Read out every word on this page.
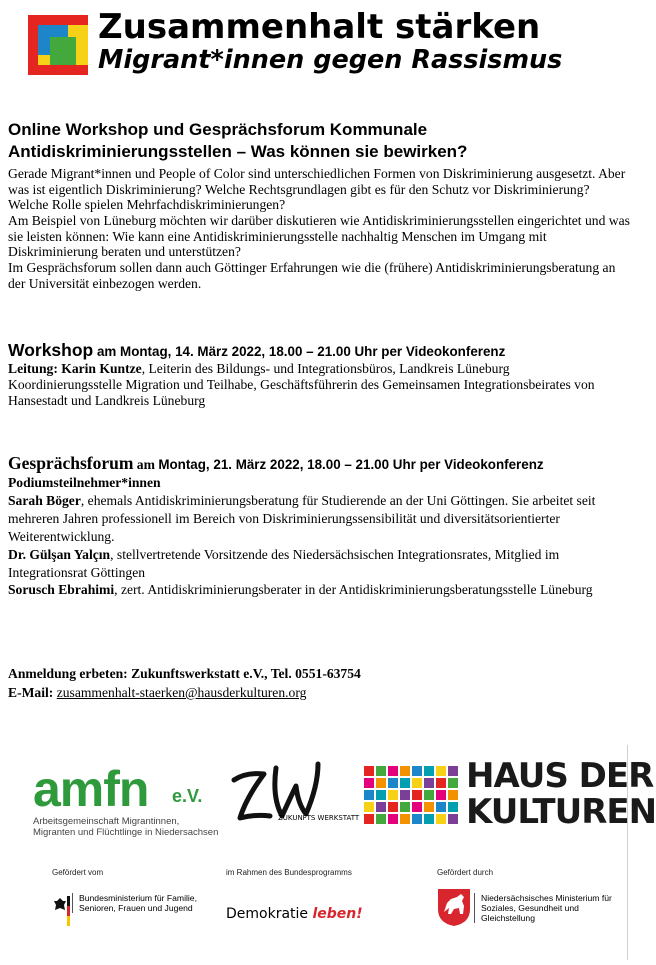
Zusammenhalt stärken
Migrant*innen gegen Rassismus
Online Workshop und Gesprächsforum Kommunale Antidiskriminierungsstellen – Was können sie bewirken?

Gerade Migrant*innen und People of Color sind unterschiedlichen Formen von Diskriminierung ausgesetzt. Aber was ist eigentlich Diskriminierung? Welche Rechtsgrundlagen gibt es für den Schutz vor Diskriminierung? Welche Rolle spielen Mehrfachdiskriminierungen?

Am Beispiel von Lüneburg möchten wir darüber diskutieren wie Antidiskriminierungsstellen eingerichtet und was sie leisten können: Wie kann eine Antidiskriminierungsstelle nachhaltig Menschen im Umgang mit Diskriminierung beraten und unterstützen?

Im Gesprächsforum sollen dann auch Göttinger Erfahrungen wie die (frühere) Antidiskriminierungsberatung an der Universität einbezogen werden.

Workshop am Montag, 14. März 2022, 18.00 – 21.00 Uhr per Videokonferenz
Leitung: Karin Kuntze, Leiterin des Bildungs- und Integrationsbüros, Landkreis Lüneburg Koordinierungsstelle Migration und Teilhabe, Geschäftsführerin des Gemeinsamen Integrationsbeirates von Hansestadt und Landkreis Lüneburg
Gesprächsforum am Montag, 21. März 2022, 18.00 – 21.00 Uhr per Videokonferenz

Podiumsteilnehmer*innen

Sarah Böger, ehemals Antidiskriminierungsberatung für Studierende an der Uni Göttingen. Sie arbeitet seit mehreren Jahren professionell im Bereich von Diskriminierungssensibilität und diversitätsorientierter Weiterentwicklung.

Dr. Gülşan Yalçın, stellvertretende Vorsitzende des Niedersächsischen Integrationsrates, Mitglied im Integrationsrat Göttingen

Sorusch Ebrahimi, zert. Antidiskriminierungsberater in der Antidiskriminierungsberatungsstelle Lüneburg

Anmeldung erbeten: Zukunftswerkstatt e.V., Tel. 0551-63754
E-Mail: zusammenhalt-staerken@hausderkulturen.org
amfn e.V.
Arbeitsgemeinschaft Migrantinnen, Migranten und Flüchtlinge in Niedersachsen
ZUKUNFTS WERKSTATT
HAUS DER
KULTUREN
Gefördert vom	im Rahmen des Bundesprogramms	Gefördert durch
Bundesministerium für Familie, Senioren, Frauen und Jugend	Demokratie leben!
Niedersächsisches Ministerium für Soziales, Gesundheit und Gleichstellung
